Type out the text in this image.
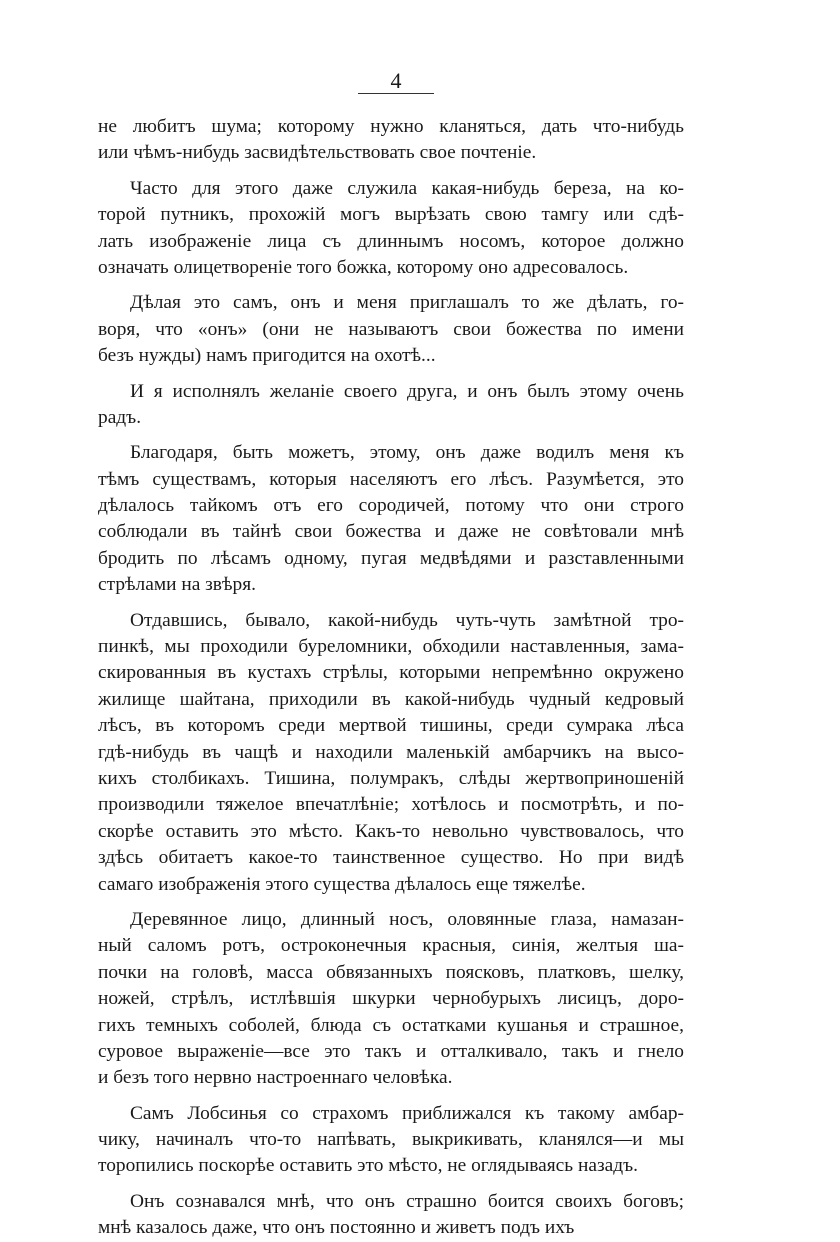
4
не любитъ шума; которому нужно кланяться, дать что-нибудь
или чѣмъ-нибудь засвидѣтельствовать свое почтеніе.
Часто для этого даже служила какая-нибудь береза, на ко-
торой путникъ, прохожій могъ вырѣзать свою тамгу или сдѣ-
лать изображеніе лица съ длиннымъ носомъ, которое должно
означать олицетвореніе того божка, которому оно адресовалось.
Дѣлая это самъ, онъ и меня приглашалъ то же дѣлать, го-
воря, что «онъ» (они не называютъ свои божества по имени
безъ нужды) намъ пригодится на охотѣ...
И я исполнялъ желаніе своего друга, и онъ былъ этому очень
радъ.
Благодаря, быть можетъ, этому, онъ даже водилъ меня къ
тѣмъ существамъ, которыя населяютъ его лѣсъ. Разумѣется, это
дѣлалось тайкомъ отъ его сородичей, потому что они строго
соблюдали въ тайнѣ свои божества и даже не совѣтовали мнѣ
бродить по лѣсамъ одному, пугая медвѣдями и разставленными
стрѣлами на звѣря.
Отдавшись, бывало, какой-нибудь чуть-чуть замѣтной тро-
пинкѣ, мы проходили буреломники, обходили наставленныя, зама-
скированныя въ кустахъ стрѣлы, которыми непремѣнно окружено
жилище шайтана, приходили въ какой-нибудь чудный кедровый
лѣсъ, въ которомъ среди мертвой тишины, среди сумрака лѣса
гдѣ-нибудь въ чащѣ и находили маленькій амбарчикъ на высо-
кихъ столбикахъ. Тишина, полумракъ, слѣды жертвоприношеній
производили тяжелое впечатлѣніе; хотѣлось и посмотрѣть, и по-
скорѣе оставить это мѣсто. Какъ-то невольно чувствовалось, что
здѣсь обитаетъ какое-то таинственное существо. Но при видѣ
самаго изображенія этого существа дѣлалось еще тяжелѣе.
Деревянное лицо, длинный носъ, оловянные глаза, намазан-
ный саломъ ротъ, остроконечныя красныя, синія, желтыя ша-
почки на головѣ, масса обвязанныхъ поясковъ, платковъ, шелку,
ножей, стрѣлъ, истлѣвшія шкурки чернобурыхъ лисицъ, доро-
гихъ темныхъ соболей, блюда съ остатками кушанья и страшное,
суровое выраженіе—все это такъ и отталкивало, такъ и гнело
и безъ того нервно настроеннаго человѣка.
Самъ Лобсинья со страхомъ приближался къ такому амбар-
чику, начиналъ что-то напѣвать, выкрикивать, кланялся—и мы
торопились поскорѣе оставить это мѣсто, не оглядываясь назадъ.
Онъ сознавался мнѣ, что онъ страшно боится своихъ боговъ;
мнѣ казалось даже, что онъ постоянно и живетъ подъ ихъ
